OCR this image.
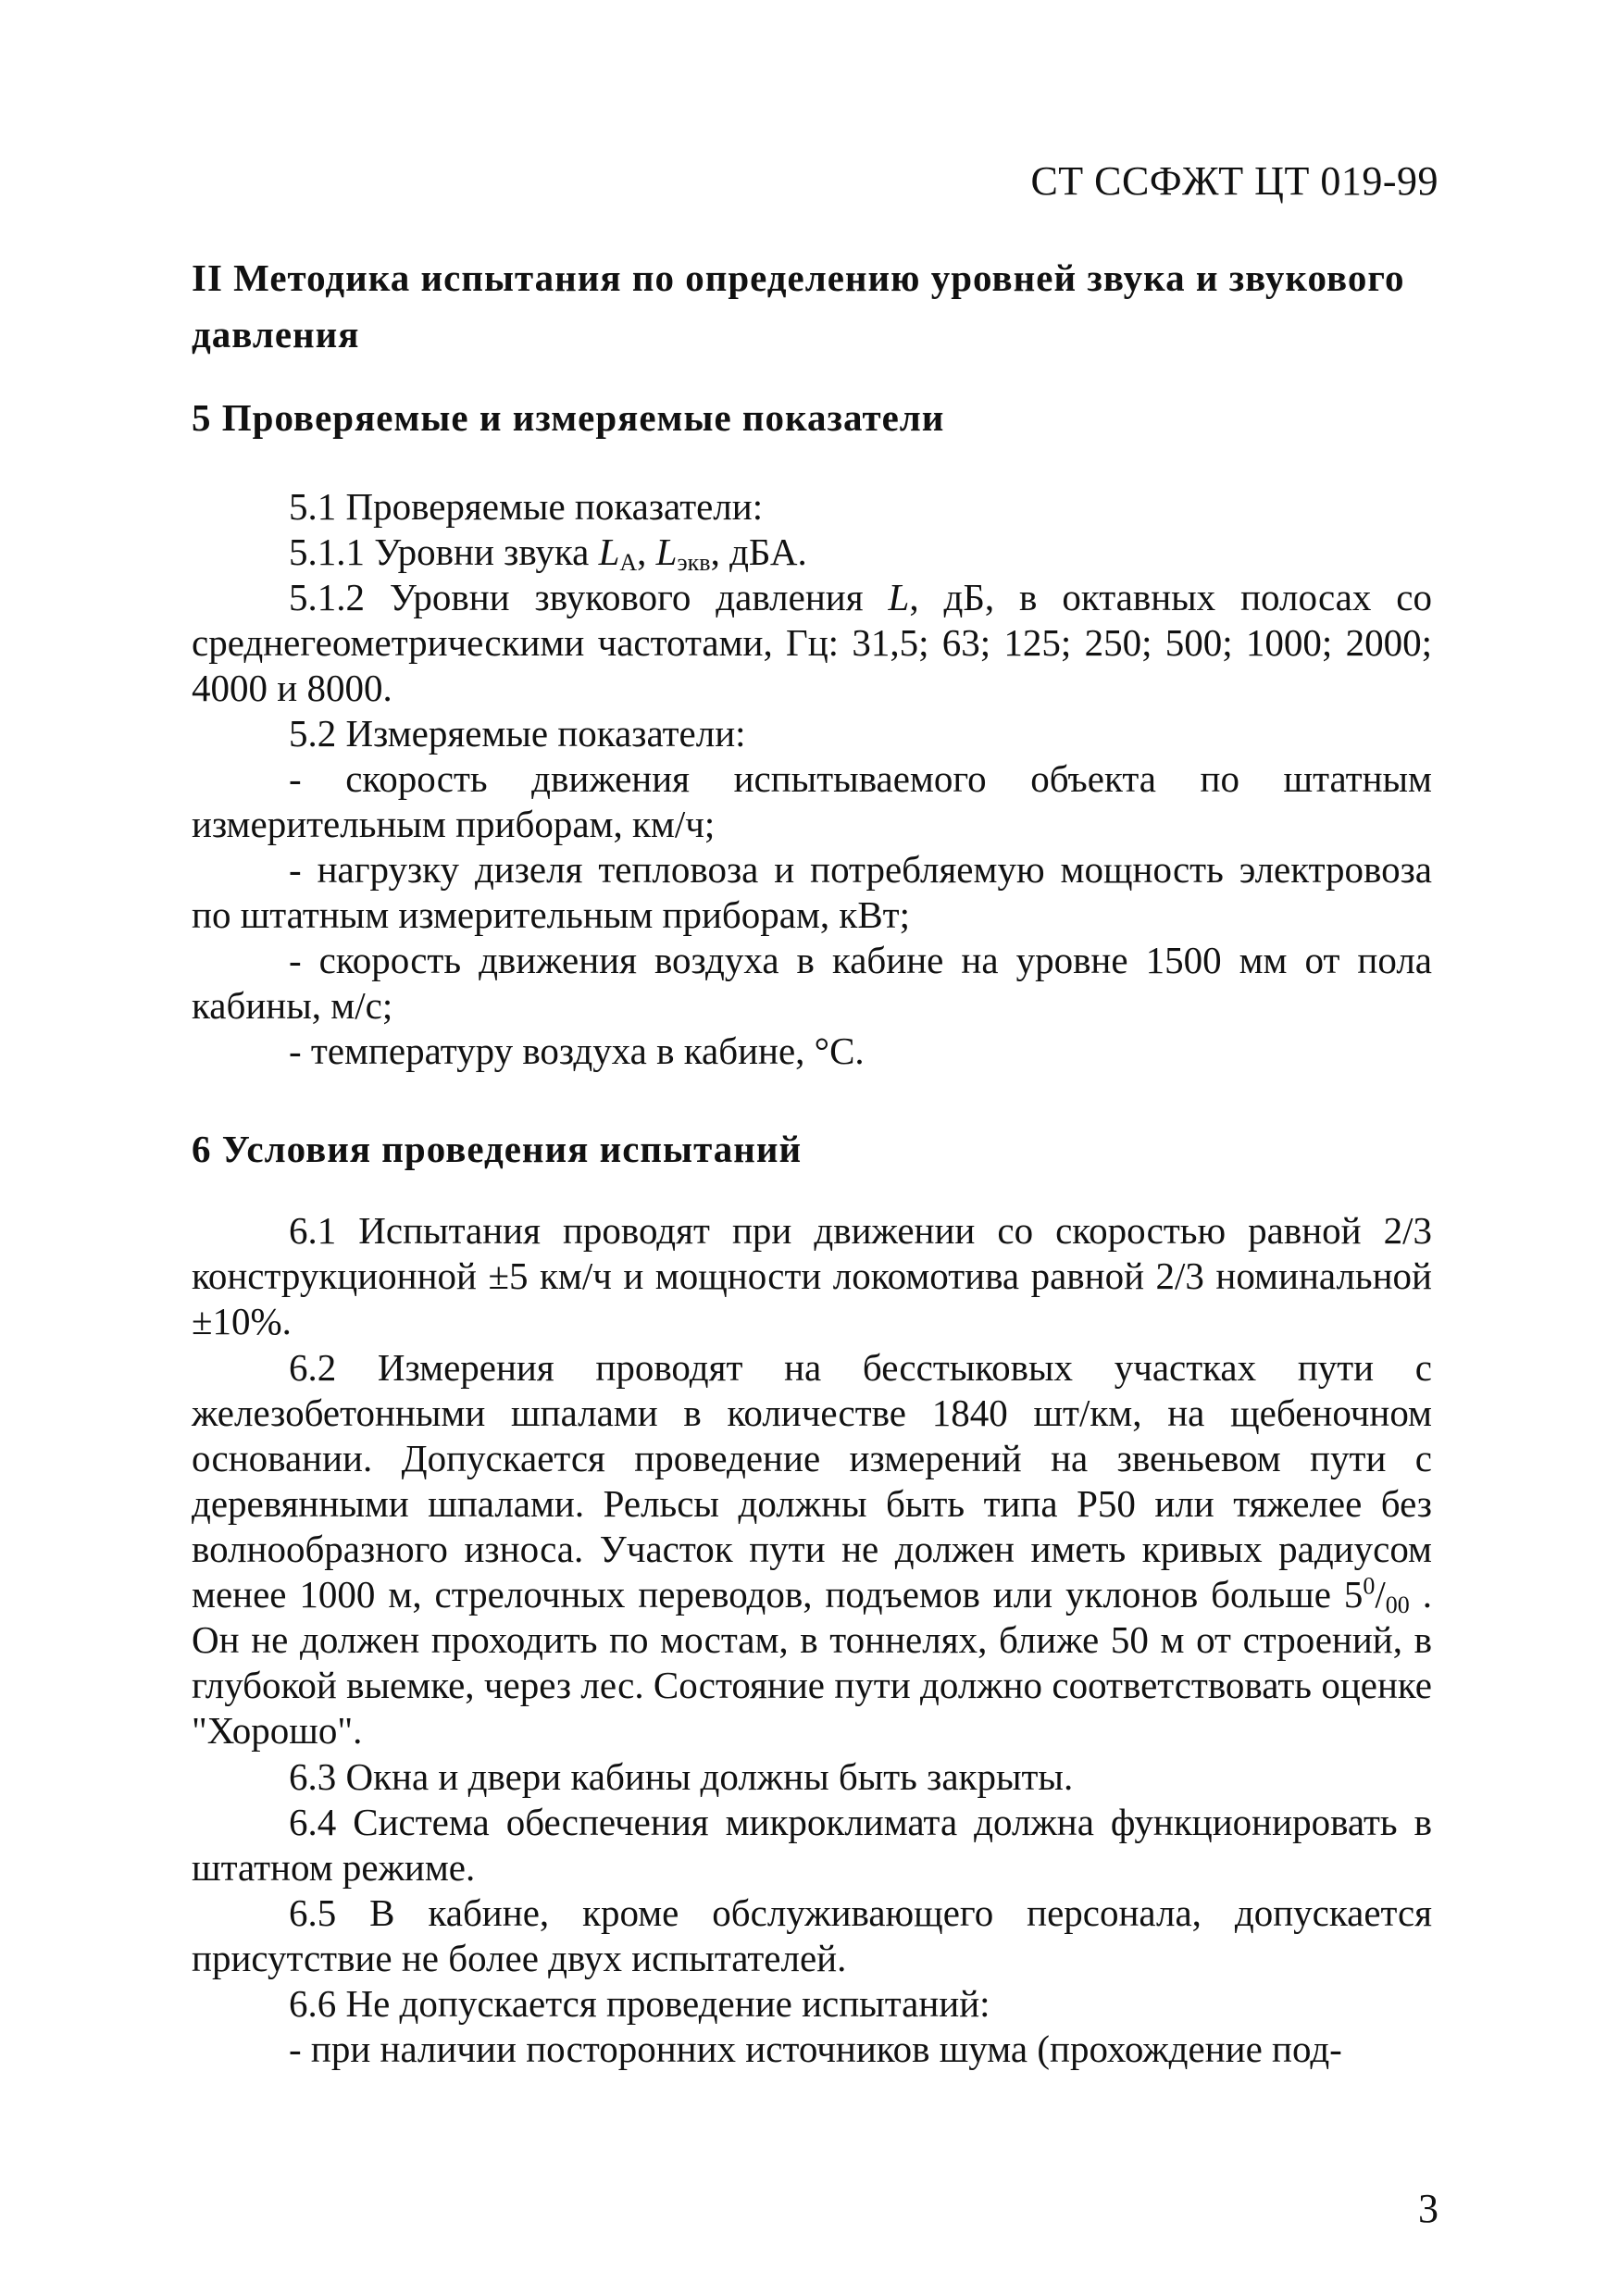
СТ ССФЖТ ЦТ 019-99
II Методика испытания по определению уровней звука и звукового давления
5 Проверяемые и измеряемые показатели

5.1 Проверяемые показатели:

5.1.1 Уровни звука $L_A$, $L_{экв}$, дБА.

5.1.2 Уровни звукового давления L, дБ, в октавных полосах со среднегеометрическими частотами, Гц: 31,5; 63; 125; 250; 500; 1000; 2000; 4000 и 8000.

5.2 Измеряемые показатели:

- скорость движения испытываемого объекта по штатным измерительным приборам, км/ч;

- нагрузку дизеля тепловоза и потребляемую мощность электровоза по штатным измерительным приборам, кВт;

- скорость движения воздуха в кабине на уровне 1500 мм от пола кабины, м/с;

- температуру воздуха в кабине, °С.

6 Условия проведения испытаний

6.1 Испытания проводят при движении со скоростью равной 2/3 конструкционной ±5 км/ч и мощности локомотива равной 2/3 номинальной ±10%.

6.2 Измерения проводят на бесстыковых участках пути с железобетонными шпалами в количестве 1840 шт/км, на щебеночном основании. Допускается проведение измерений на звеньевом пути с деревянными шпалами. Рельсы должны быть типа Р50 или тяжелее без волнообразного износа. Участок пути не должен иметь кривых радиусом менее 1000 м, стрелочных переводов, подъемов или уклонов больше $5^0/_{00}$ . Он не должен проходить по мостам, в тоннелях, ближе 50 м от строений, в глубокой выемке, через лес. Состояние пути должно соответствовать оценке "Хорошо".

6.3 Окна и двери кабины должны быть закрыты.

6.4 Система обеспечения микроклимата должна функционировать в штатном режиме.

6.5 В кабине, кроме обслуживающего персонала, допускается присутствие не более двух испытателей.

6.6 Не допускается проведение испытаний:

- при наличии посторонних источников шума (прохождение под-

3
